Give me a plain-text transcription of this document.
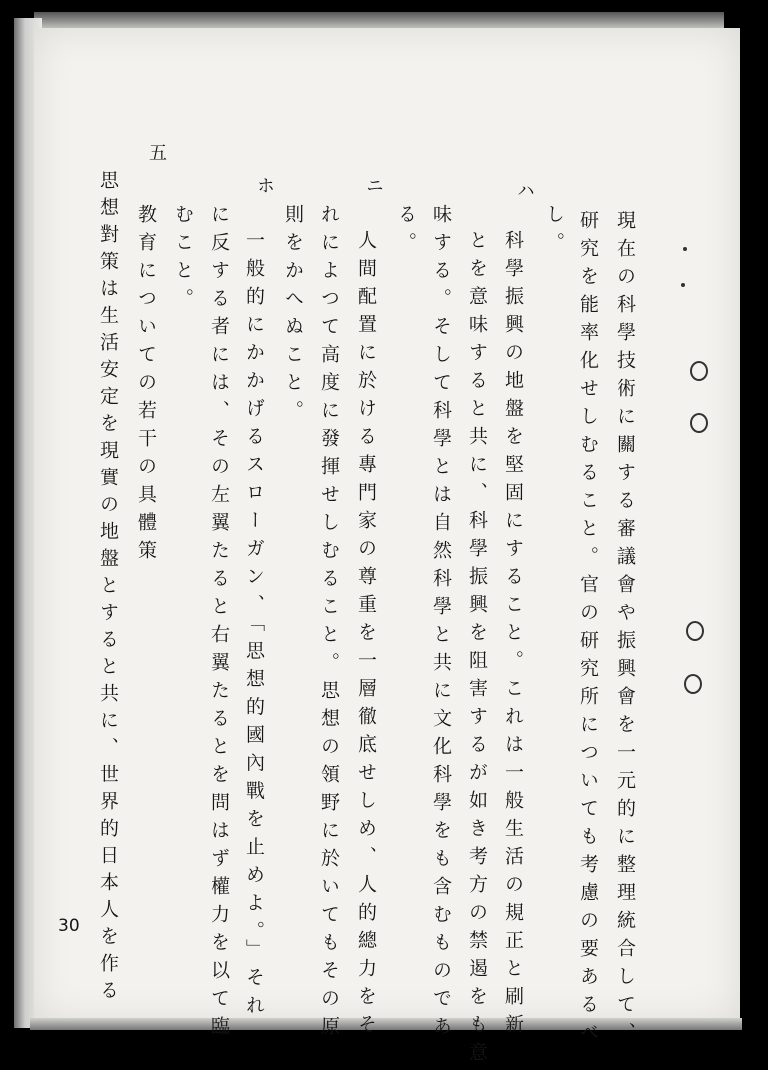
ハ
ニ
ホ
五
現在の科學技術に關する審議會や振興會を一元的に整理統合して、
研究を能率化せしむること。官の研究所についても考慮の要あるべ
し。
科學振興の地盤を堅固にすること。これは一般生活の規正と刷新
とを意味すると共に、科學振興を阻害するが如き考方の禁遏をも意
味する。そして科學とは自然科學と共に文化科學をも含むものであ
る。
人間配置に於ける專門家の尊重を一層徹底せしめ、人的總力をそ
れによつて高度に發揮せしむること。思想の領野に於いてもその原
則をかへぬこと。
一般的にかかげるスローガン、「思想的國內戰を止めよ。」それ
に反する者には、その左翼たると右翼たるとを問はず權力を以て臨
むこと。
教育についての若干の具體策
思想對策は生活安定を現實の地盤とすると共に、世界的日本人を作る
30
